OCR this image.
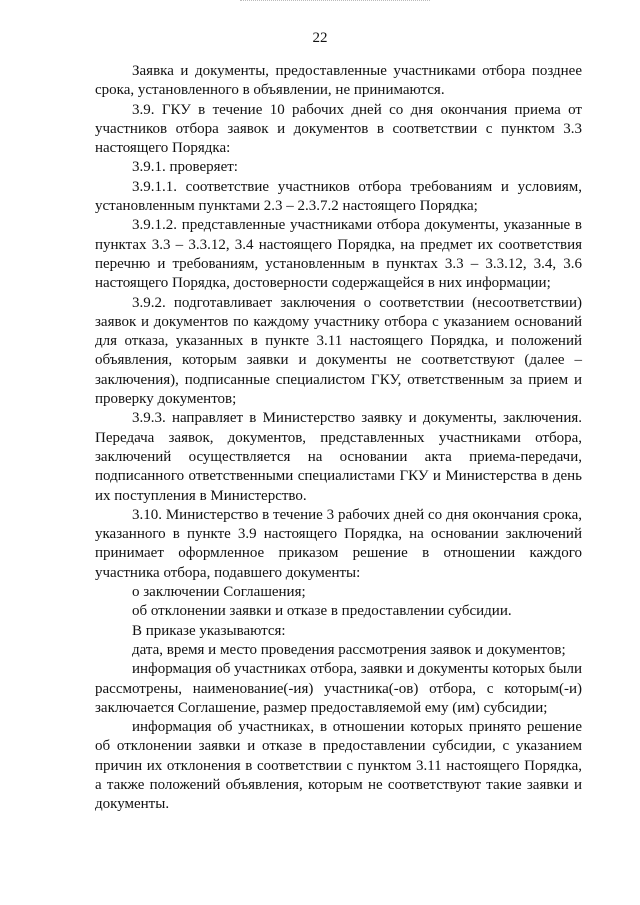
22

Заявка и документы, предоставленные участниками отбора позднее срока, установленного в объявлении, не принимаются.

3.9. ГКУ в течение 10 рабочих дней со дня окончания приема от участников отбора заявок и документов в соответствии с пунктом 3.3 настоящего Порядка:

3.9.1. проверяет:

3.9.1.1. соответствие участников отбора требованиям и условиям, установленным пунктами 2.3 – 2.3.7.2 настоящего Порядка;

3.9.1.2. представленные участниками отбора документы, указанные в пунктах 3.3 – 3.3.12, 3.4 настоящего Порядка, на предмет их соответствия перечню и требованиям, установленным в пунктах 3.3 – 3.3.12, 3.4, 3.6 настоящего Порядка, достоверности содержащейся в них информации;

3.9.2. подготавливает заключения о соответствии (несоответствии) заявок и документов по каждому участнику отбора с указанием оснований для отказа, указанных в пункте 3.11 настоящего Порядка, и положений объявления, которым заявки и документы не соответствуют (далее – заключения), подписанные специалистом ГКУ, ответственным за прием и проверку документов;

3.9.3. направляет в Министерство заявку и документы, заключения. Передача заявок, документов, представленных участниками отбора, заключений осуществляется на основании акта приема-передачи, подписанного ответственными специалистами ГКУ и Министерства в день их поступления в Министерство.

3.10. Министерство в течение 3 рабочих дней со дня окончания срока, указанного в пункте 3.9 настоящего Порядка, на основании заключений принимает оформленное приказом решение в отношении каждого участника отбора, подавшего документы:

о заключении Соглашения;

об отклонении заявки и отказе в предоставлении субсидии.

В приказе указываются:

дата, время и место проведения рассмотрения заявок и документов;

информация об участниках отбора, заявки и документы которых были рассмотрены, наименование(-ия) участника(-ов) отбора, с которым(-и) заключается Соглашение, размер предоставляемой ему (им) субсидии;

информация об участниках, в отношении которых принято решение об отклонении заявки и отказе в предоставлении субсидии, с указанием причин их отклонения в соответствии с пунктом 3.11 настоящего Порядка, а также положений объявления, которым не соответствуют такие заявки и документы.
